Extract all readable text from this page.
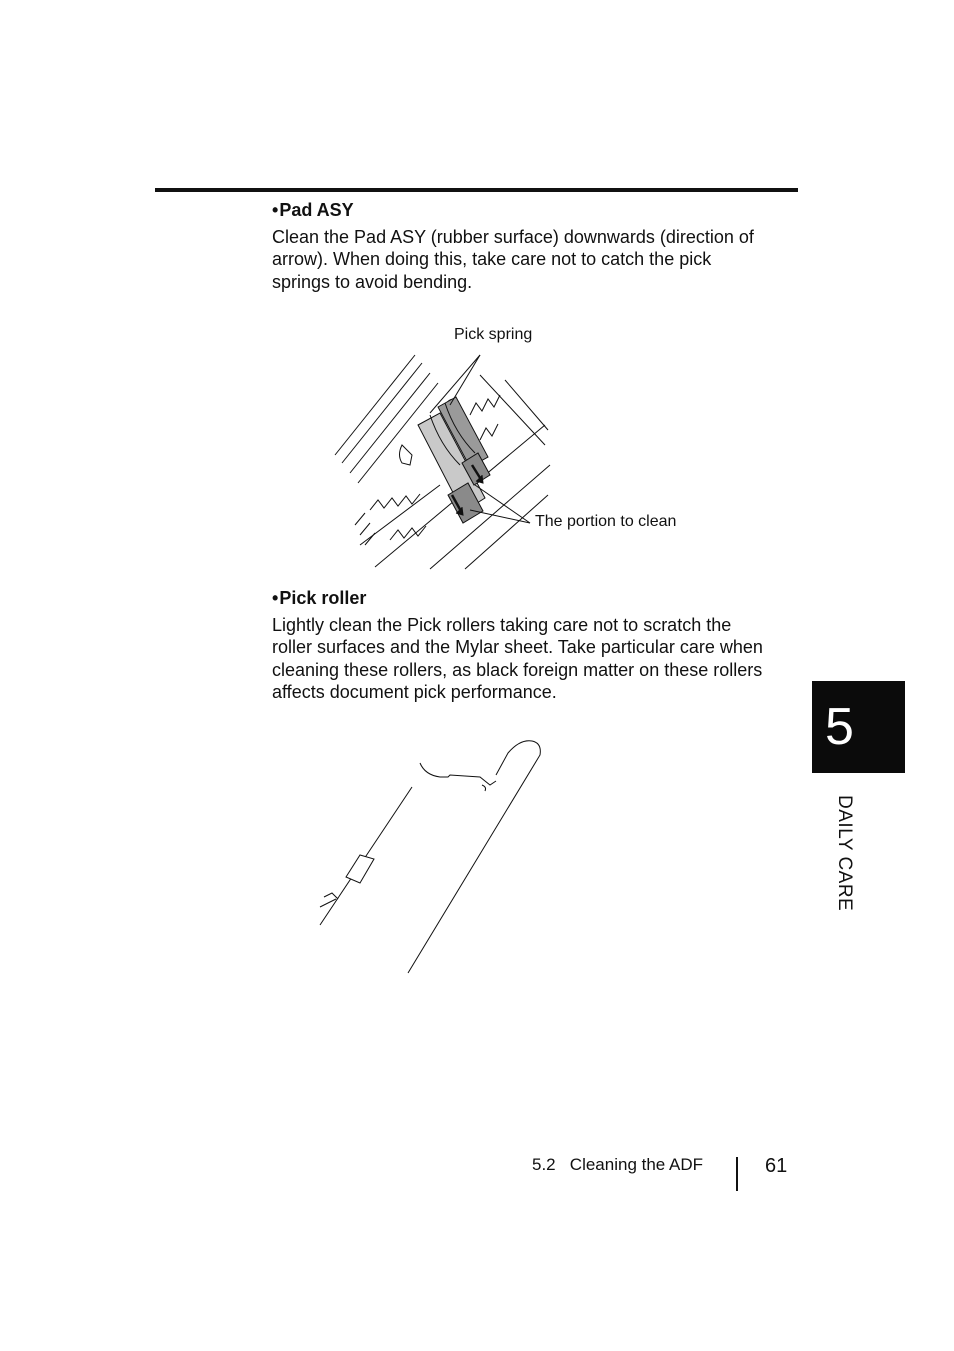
•Pad ASY
Clean the Pad ASY (rubber surface) downwards (direction of
arrow). When doing this, take care not to catch the pick
springs to avoid bending.
Pick spring
The portion to clean
•Pick roller
Lightly clean the Pick rollers taking care not to scratch the
roller surfaces and the Mylar sheet. Take particular care when
cleaning these rollers, as black foreign matter on these rollers
affects document pick performance.
5
DAILY CARE
5.2   Cleaning the ADF	61
